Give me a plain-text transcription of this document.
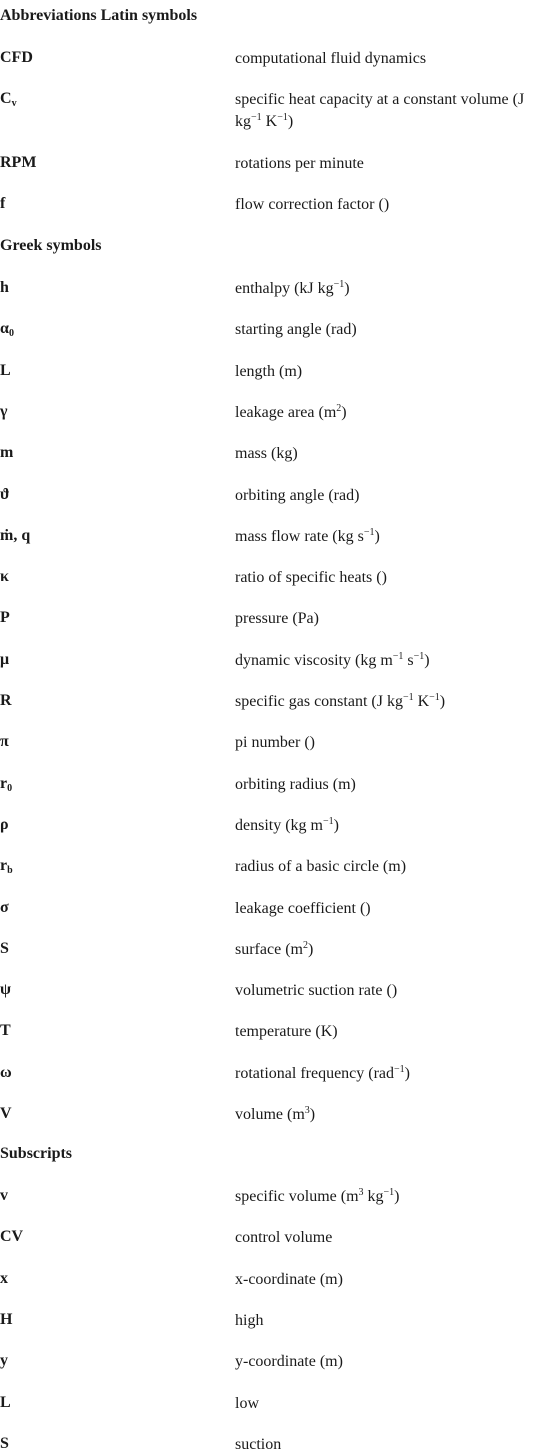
Abbreviations Latin symbols
CFD	computational fluid dynamics
$C_v$	specific heat capacity at a constant volume (J $kg^{-1}$ $K^{-1}$)
RPM	rotations per minute
f	flow correction factor ()
Greek symbols
h	enthalpy (kJ $kg^{-1}$)
$\alpha_0$	starting angle (rad)
L	length (m)
γ	leakage area $(m^2)$
m	mass (kg)
ϑ	orbiting angle (rad)
ṁ, q	mass flow rate (kg $s^{-1}$)
κ	ratio of specific heats ()
P	pressure (Pa)
μ	dynamic viscosity (kg $m^{-1}$ $s^{-1}$)
R	specific gas constant (J $kg^{-1}$ $K^{-1}$)
π	pi number ()
$r_0$	orbiting radius (m)
ρ	density (kg $m^{-1}$)
$r_b$	radius of a basic circle (m)
σ	leakage coefficient ()
S	surface $(m^2)$
ψ	volumetric suction rate ()
T	temperature (K)
ω	rotational frequency (rad$^{-1}$)
V	volume $(m^3)$
Subscripts
v	specific volume ($m^3$ $kg^{-1}$)
CV	control volume
x	x-coordinate (m)
H	high
y	y-coordinate (m)
L	low
S	suction
